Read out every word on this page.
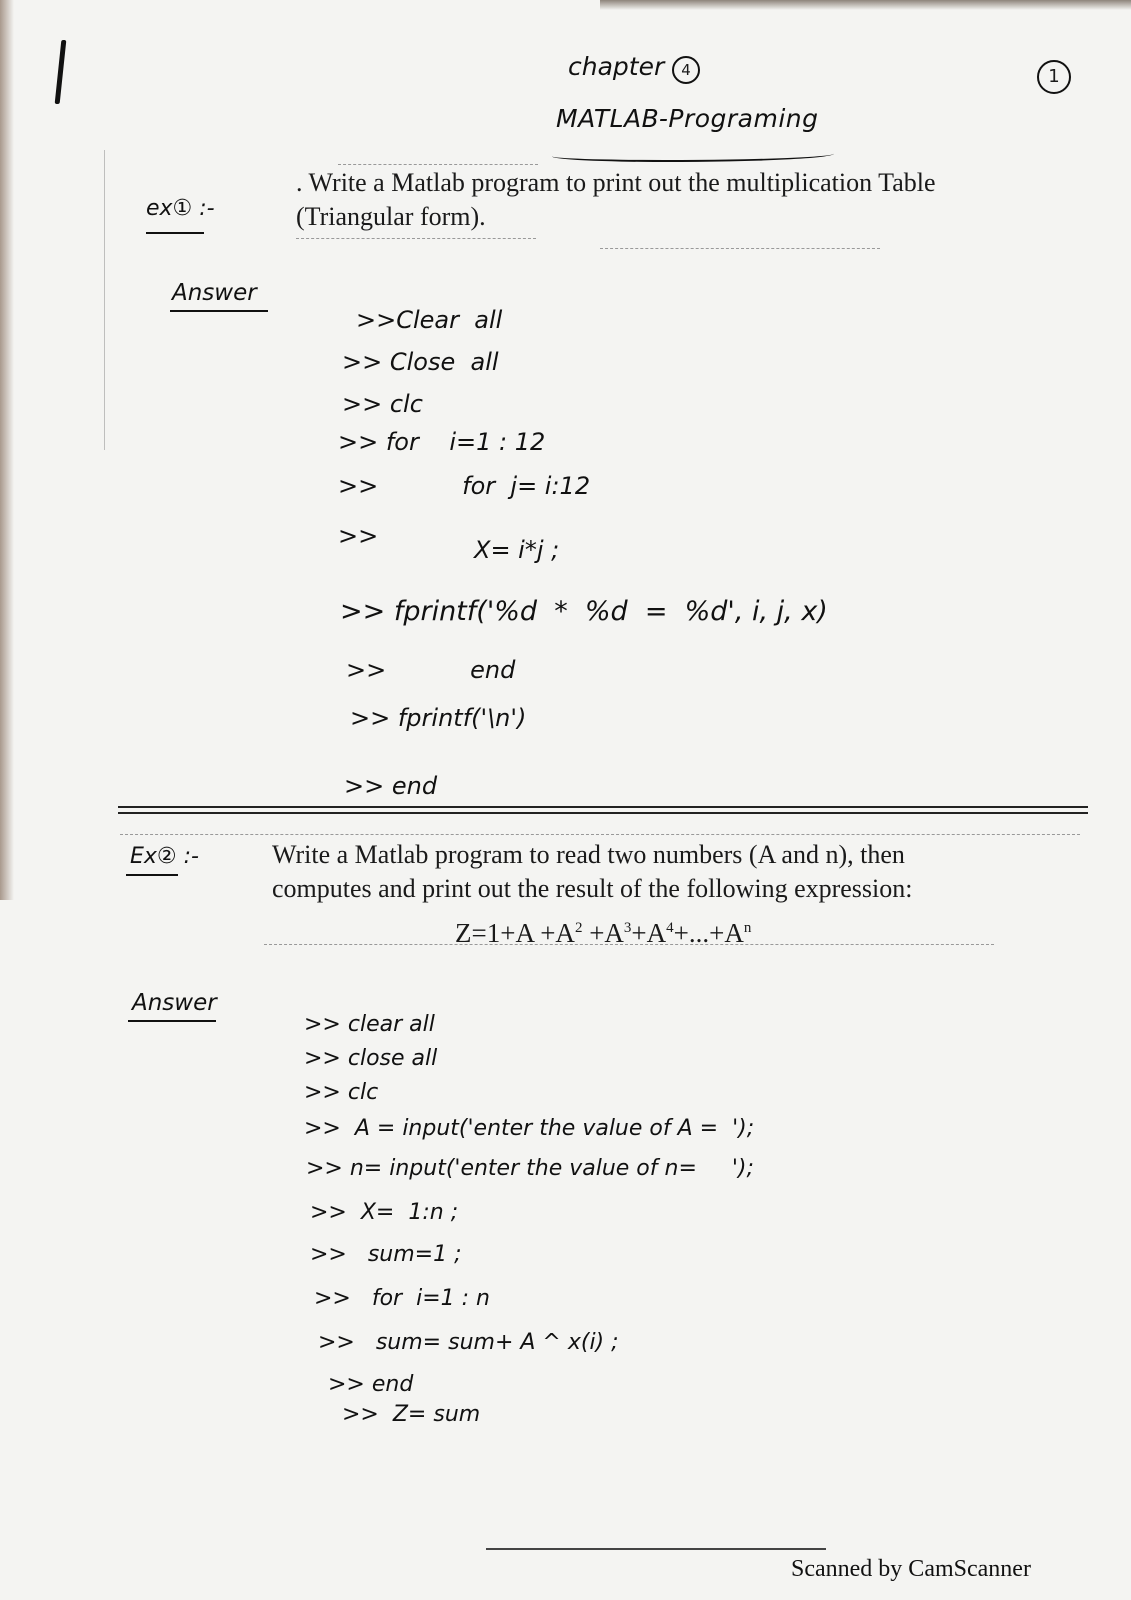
chapter	4	1
MATLAB-Programing
ex① :-
. Write a Matlab program to print out the multiplication Table
(Triangular form).
Answer
>>Clear  all
>> Close  all
>> clc
>> for    i=1 : 12
>>           for  j= i:12
>>	X= i*j ;
>> fprintf('%d  *  %d  =  %d', i, j, x)
>>           end
>> fprintf('\n')
>> end
Ex② :-	Write a Matlab program to read two numbers (A and n), then
computes and print out the result of the following expression:
$Z=1+A +A^2 +A^3+A^4+...+A^n$
Answer
>> clear all
>> close all
>> clc
>>  A = input('enter the value of A =  ');
>> n= input('enter the value of n=     ');
>>  X=  1:n ;
>>   sum=1 ;
>>   for  i=1 : n
>>   sum= sum+ A ^ x(i) ;
>> end
>>  Z= sum
Scanned by CamScanner
